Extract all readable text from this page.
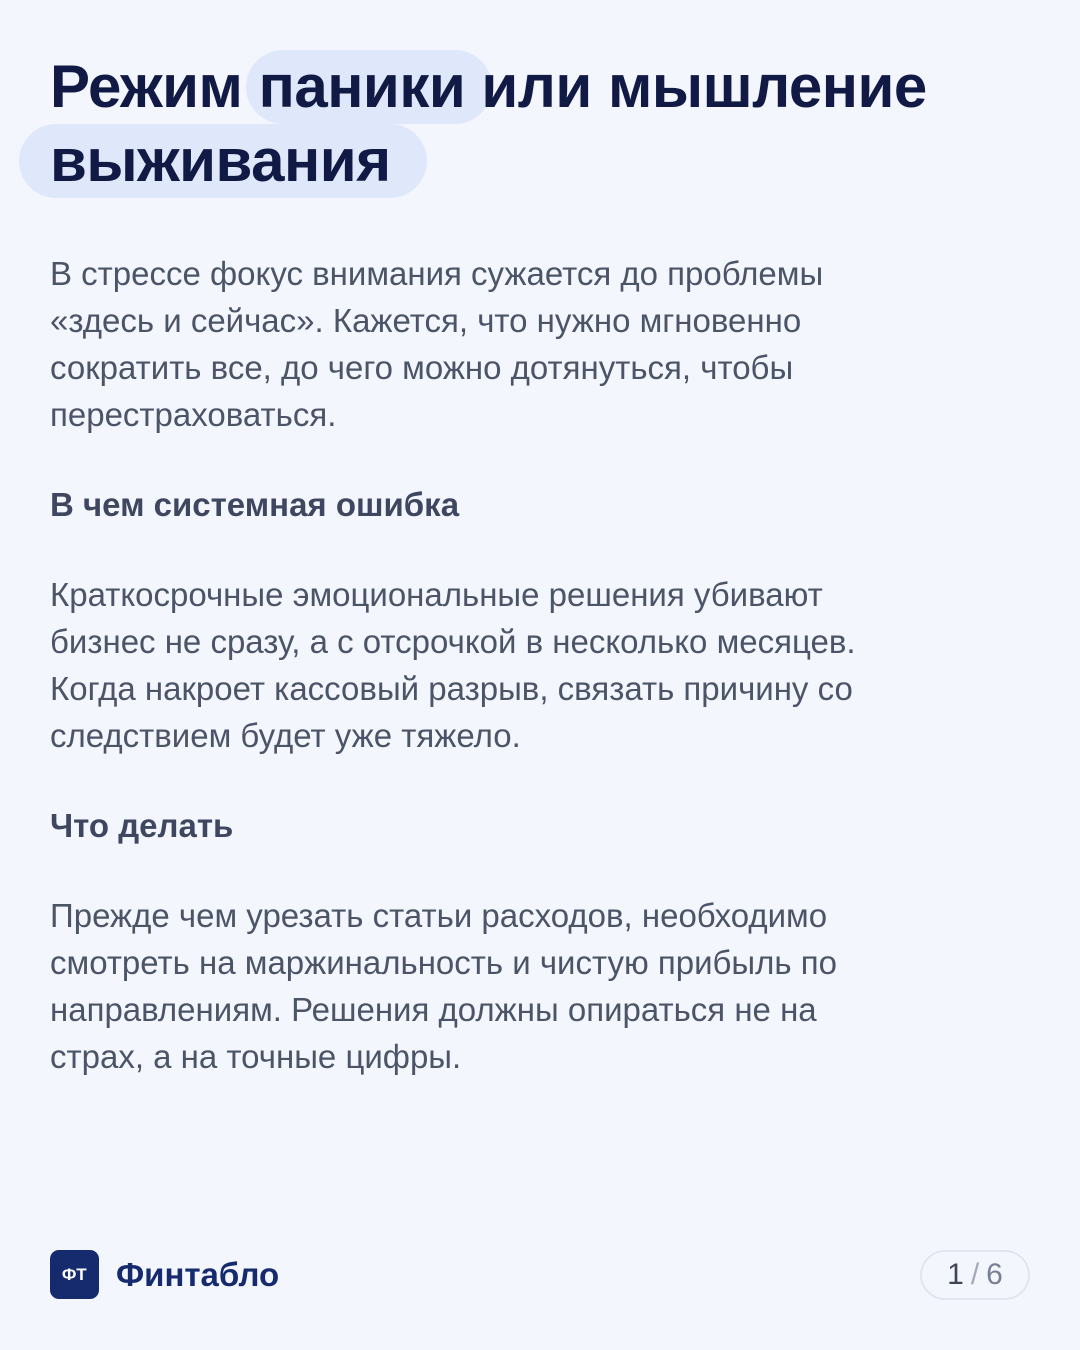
Режим паники или мышление
выживания

В стрессе фокус внимания сужается до проблемы «здесь и сейчас». Кажется, что нужно мгновенно сократить все, до чего можно дотянуться, чтобы перестраховаться.

В чем системная ошибка

Краткосрочные эмоциональные решения убивают бизнес не сразу, а с отсрочкой в несколько месяцев. Когда накроет кассовый разрыв, связать причину со следствием будет уже тяжело.

Что делать

Прежде чем урезать статьи расходов, необходимо смотреть на маржинальность и чистую прибыль по направлениям. Решения должны опираться не на страх, а на точные цифры.

ФТ Финтабло	1 / 6
